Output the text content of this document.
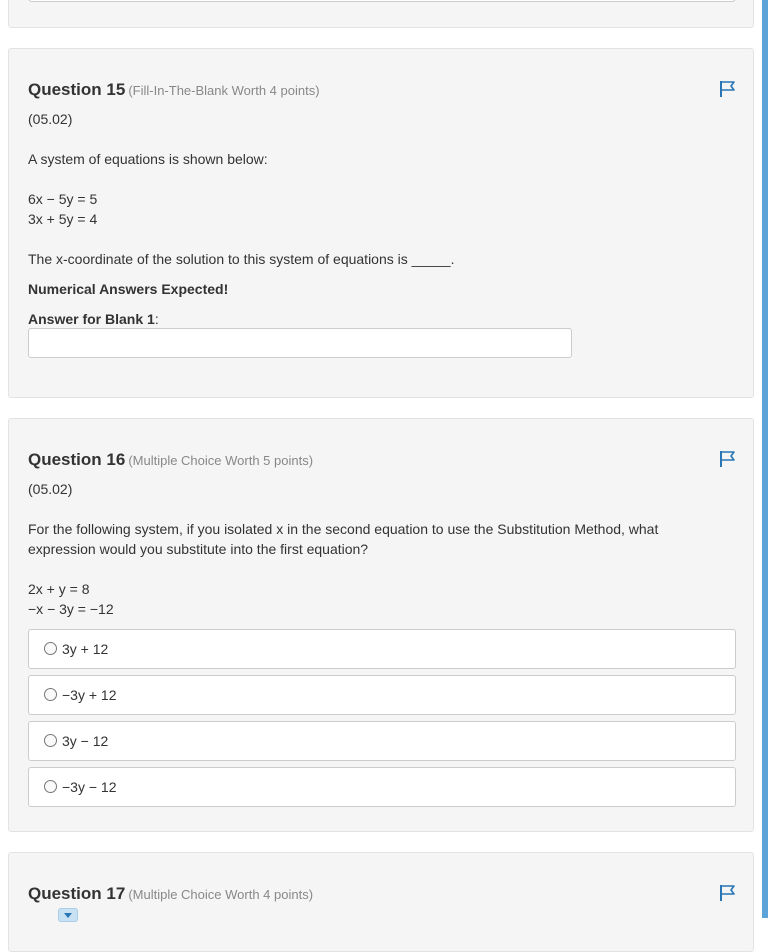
Question 15 (Fill-In-The-Blank Worth 4 points)
(05.02)
A system of equations is shown below:
6x − 5y = 5
3x + 5y = 4
The x-coordinate of the solution to this system of equations is _____.
Numerical Answers Expected!
Answer for Blank 1:
Question 16 (Multiple Choice Worth 5 points)
(05.02)
For the following system, if you isolated x in the second equation to use the Substitution Method, what
expression would you substitute into the first equation?
2x + y = 8
−x − 3y = −12
3y + 12
−3y + 12
3y − 12
−3y − 12
Question 17 (Multiple Choice Worth 4 points)
